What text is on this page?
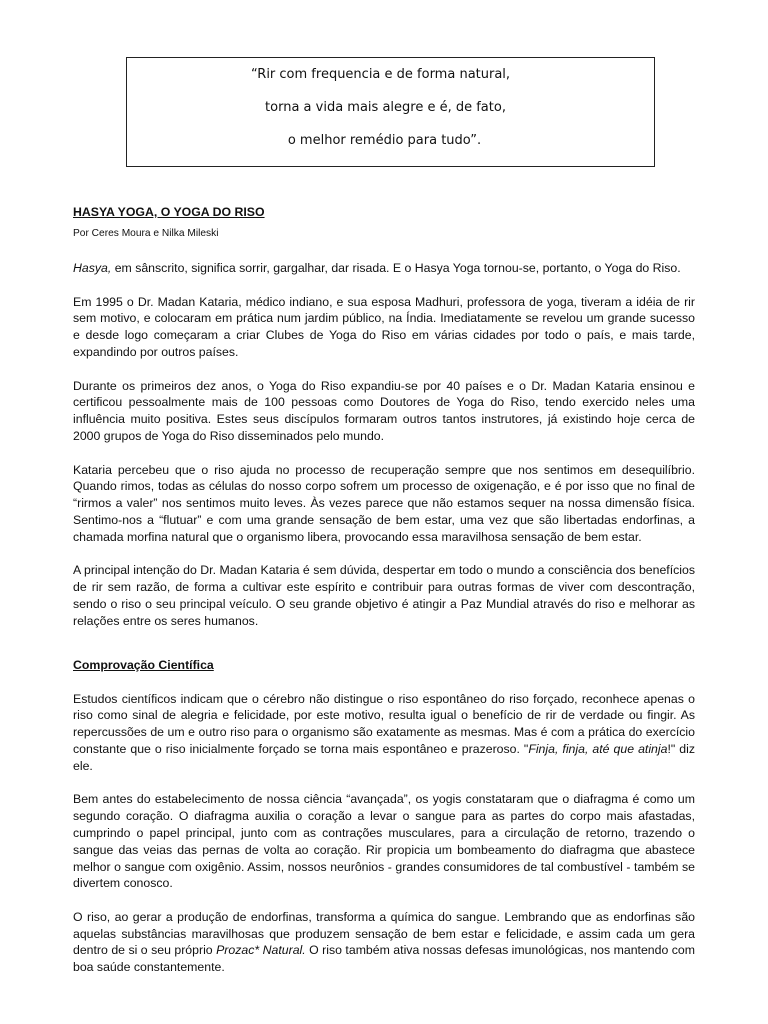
“Rir com frequencia e de forma natural,
torna a vida mais alegre e é, de fato,
o melhor remédio para tudo”.
HASYA YOGA, O YOGA DO RISO
Por Ceres Moura e Nilka Mileski

Hasya, em sânscrito, significa sorrir, gargalhar, dar risada. E o Hasya Yoga tornou-se, portanto, o Yoga do Riso.

Em 1995 o Dr. Madan Kataria, médico indiano, e sua esposa Madhuri, professora de yoga, tiveram a idéia de rir sem motivo, e colocaram em prática num jardim público, na Índia. Imediatamente se revelou um grande sucesso e desde logo começaram a criar Clubes de Yoga do Riso em várias cidades por todo o país, e mais tarde, expandindo por outros países.

Durante os primeiros dez anos, o Yoga do Riso expandiu-se por 40 países e o Dr. Madan Kataria ensinou e certificou pessoalmente mais de 100 pessoas como Doutores de Yoga do Riso, tendo exercido neles uma influência muito positiva. Estes seus discípulos formaram outros tantos instrutores, já existindo hoje cerca de 2000 grupos de Yoga do Riso disseminados pelo mundo.

Kataria percebeu que o riso ajuda no processo de recuperação sempre que nos sentimos em desequilíbrio. Quando rimos, todas as células do nosso corpo sofrem um processo de oxigenação, e é por isso que no final de “rirmos a valer” nos sentimos muito leves. Às vezes parece que não estamos sequer na nossa dimensão física. Sentimo-nos a “flutuar” e com uma grande sensação de bem estar, uma vez que são libertadas endorfinas, a chamada morfina natural que o organismo libera, provocando essa maravilhosa sensação de bem estar.

A principal intenção do Dr. Madan Kataria é sem dúvida, despertar em todo o mundo a consciência dos benefícios de rir sem razão, de forma a cultivar este espírito e contribuir para outras formas de viver com descontração, sendo o riso o seu principal veículo. O seu grande objetivo é atingir a Paz Mundial através do riso e melhorar as relações entre os seres humanos.

Comprovação Científica

Estudos científicos indicam que o cérebro não distingue o riso espontâneo do riso forçado, reconhece apenas o riso como sinal de alegria e felicidade, por este motivo, resulta igual o benefício de rir de verdade ou fingir. As repercussões de um e outro riso para o organismo são exatamente as mesmas. Mas é com a prática do exercício constante que o riso inicialmente forçado se torna mais espontâneo e prazeroso. "Finja, finja, até que atinja!" diz ele.

Bem antes do estabelecimento de nossa ciência “avançada”, os yogis constataram que o diafragma é como um segundo coração. O diafragma auxilia o coração a levar o sangue para as partes do corpo mais afastadas, cumprindo o papel principal, junto com as contrações musculares, para a circulação de retorno, trazendo o sangue das veias das pernas de volta ao coração. Rir propicia um bombeamento do diafragma que abastece melhor o sangue com oxigênio. Assim, nossos neurônios - grandes consumidores de tal combustível - também se divertem conosco.

O riso, ao gerar a produção de endorfinas, transforma a química do sangue. Lembrando que as endorfinas são aquelas substâncias maravilhosas que produzem sensação de bem estar e felicidade, e assim cada um gera dentro de si o seu próprio Prozac* Natural. O riso também ativa nossas defesas imunológicas, nos mantendo com boa saúde constantemente.
